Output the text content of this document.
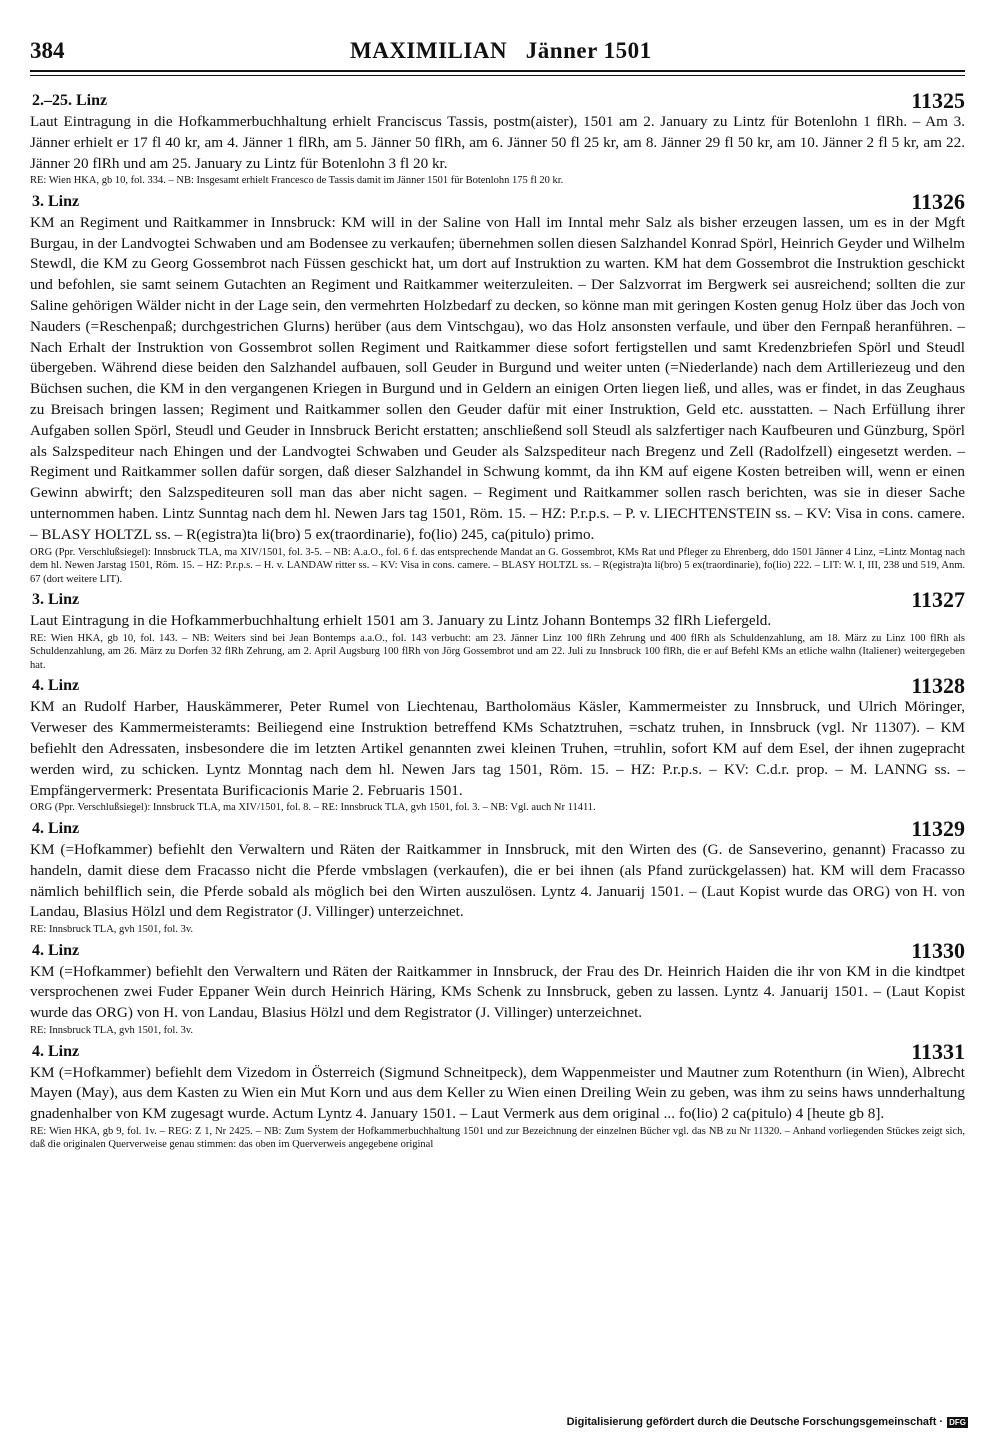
384	MAXIMILIAN   Jänner 1501
2.–25. Linz	11325
Laut Eintragung in die Hofkammerbuchhaltung erhielt Franciscus Tassis, postm(aister), 1501 am 2. January zu Lintz für Botenlohn 1 flRh. – Am 3. Jänner erhielt er 17 fl 40 kr, am 4. Jänner 1 flRh, am 5. Jänner 50 flRh, am 6. Jänner 50 fl 25 kr, am 8. Jänner 29 fl 50 kr, am 10. Jänner 2 fl 5 kr, am 22. Jänner 20 flRh und am 25. January zu Lintz für Botenlohn 3 fl 20 kr.
RE: Wien HKA, gb 10, fol. 334. – NB: Insgesamt erhielt Francesco de Tassis damit im Jänner 1501 für Botenlohn 175 fl 20 kr.
3. Linz	11326
KM an Regiment und Raitkammer in Innsbruck: KM will in der Saline von Hall im Inntal mehr Salz als bisher erzeugen lassen, um es in der Mgft Burgau, in der Landvogtei Schwaben und am Bodensee zu verkaufen; übernehmen sollen diesen Salzhandel Konrad Spörl, Heinrich Geyder und Wilhelm Stewdl, die KM zu Georg Gossembrot nach Füssen geschickt hat, um dort auf Instruktion zu warten. KM hat dem Gossembrot die Instruktion geschickt und befohlen, sie samt seinem Gutachten an Regiment und Raitkammer weiterzuleiten. – Der Salzvorrat im Bergwerk sei ausreichend; sollten die zur Saline gehörigen Wälder nicht in der Lage sein, den vermehrten Holzbedarf zu decken, so könne man mit geringen Kosten genug Holz über das Joch von Nauders (=Reschenpaß; durchgestrichen Glurns) herüber (aus dem Vintschgau), wo das Holz ansonsten verfaule, und über den Fernpaß heranführen. – Nach Erhalt der Instruktion von Gossembrot sollen Regiment und Raitkammer diese sofort fertigstellen und samt Kredenzbriefen Spörl und Steudl übergeben. Während diese beiden den Salzhandel aufbauen, soll Geuder in Burgund und weiter unten (=Niederlande) nach dem Artilleriezeug und den Büchsen suchen, die KM in den vergangenen Kriegen in Burgund und in Geldern an einigen Orten liegen ließ, und alles, was er findet, in das Zeughaus zu Breisach bringen lassen; Regiment und Raitkammer sollen den Geuder dafür mit einer Instruktion, Geld etc. ausstatten. – Nach Erfüllung ihrer Aufgaben sollen Spörl, Steudl und Geuder in Innsbruck Bericht erstatten; anschließend soll Steudl als salzfertiger nach Kaufbeuren und Günzburg, Spörl als Salzspediteur nach Ehingen und der Landvogtei Schwaben und Geuder als Salzspediteur nach Bregenz und Zell (Radolfzell) eingesetzt werden. – Regiment und Raitkammer sollen dafür sorgen, daß dieser Salzhandel in Schwung kommt, da ihn KM auf eigene Kosten betreiben will, wenn er einen Gewinn abwirft; den Salzspediteuren soll man das aber nicht sagen. – Regiment und Raitkammer sollen rasch berichten, was sie in dieser Sache unternommen haben. Lintz Sunntag nach dem hl. Newen Jars tag 1501, Röm. 15. – HZ: P.r.p.s. – P. v. LIECHTENSTEIN ss. – KV: Visa in cons. camere. – BLASY HOLTZL ss. – R(egistra)ta li(bro) 5 ex(traordinarie), fo(lio) 245, ca(pitulo) primo.
ORG (Ppr. Verschlußsiegel): Innsbruck TLA, ma XIV/1501, fol. 3-5. – NB: A.a.O., fol. 6 f. das entsprechende Mandat an G. Gossembrot, KMs Rat und Pfleger zu Ehrenberg, ddo 1501 Jänner 4 Linz, =Lintz Montag nach dem hl. Newen Jarstag 1501, Röm. 15. – HZ: P.r.p.s. – H. v. LANDAW ritter ss. – KV: Visa in cons. camere. – BLASY HOLTZL ss. – R(egistra)ta li(bro) 5 ex(traordinarie), fo(lio) 222. – LIT: W. I, III, 238 und 519, Anm. 67 (dort weitere LIT).
3. Linz	11327
Laut Eintragung in die Hofkammerbuchhaltung erhielt 1501 am 3. January zu Lintz Johann Bontemps 32 flRh Liefergeld.
RE: Wien HKA, gb 10, fol. 143. – NB: Weiters sind bei Jean Bontemps a.a.O., fol. 143 verbucht: am 23. Jänner Linz 100 flRh Zehrung und 400 flRh als Schuldenzahlung, am 18. März zu Linz 100 flRh als Schuldenzahlung, am 26. März zu Dorfen 32 flRh Zehrung, am 2. April Augsburg 100 flRh von Jörg Gossembrot und am 22. Juli zu Innsbruck 100 flRh, die er auf Befehl KMs an etliche walhn (Italiener) weitergegeben hat.
4. Linz	11328
KM an Rudolf Harber, Hauskämmerer, Peter Rumel von Liechtenau, Bartholomäus Käsler, Kammermeister zu Innsbruck, und Ulrich Möringer, Verweser des Kammermeisteramts: Beiliegend eine Instruktion betreffend KMs Schatztruhen, =schatz truhen, in Innsbruck (vgl. Nr 11307). – KM befiehlt den Adressaten, insbesondere die im letzten Artikel genannten zwei kleinen Truhen, =truhlin, sofort KM auf dem Esel, der ihnen zugepracht werden wird, zu schicken. Lyntz Monntag nach dem hl. Newen Jars tag 1501, Röm. 15. – HZ: P.r.p.s. – KV: C.d.r. prop. – M. LANNG ss. – Empfängervermerk: Presentata Burificacionis Marie 2. Februaris 1501.
ORG (Ppr. Verschlußsiegel): Innsbruck TLA, ma XIV/1501, fol. 8. – RE: Innsbruck TLA, gvh 1501, fol. 3. – NB: Vgl. auch Nr 11411.
4. Linz	11329
KM (=Hofkammer) befiehlt den Verwaltern und Räten der Raitkammer in Innsbruck, mit den Wirten des (G. de Sanseverino, genannt) Fracasso zu handeln, damit diese dem Fracasso nicht die Pferde vmbslagen (verkaufen), die er bei ihnen (als Pfand zurückgelassen) hat. KM will dem Fracasso nämlich behilflich sein, die Pferde sobald als möglich bei den Wirten auszulösen. Lyntz 4. Januarij 1501. – (Laut Kopist wurde das ORG) von H. von Landau, Blasius Hölzl und dem Registrator (J. Villinger) unterzeichnet.
RE: Innsbruck TLA, gvh 1501, fol. 3v.
4. Linz	11330
KM (=Hofkammer) befiehlt den Verwaltern und Räten der Raitkammer in Innsbruck, der Frau des Dr. Heinrich Haiden die ihr von KM in die kindtpet versprochenen zwei Fuder Eppaner Wein durch Heinrich Häring, KMs Schenk zu Innsbruck, geben zu lassen. Lyntz 4. Januarij 1501. – (Laut Kopist wurde das ORG) von H. von Landau, Blasius Hölzl und dem Registrator (J. Villinger) unterzeichnet.
RE: Innsbruck TLA, gvh 1501, fol. 3v.
4. Linz	11331
KM (=Hofkammer) befiehlt dem Vizedom in Österreich (Sigmund Schneitpeck), dem Wappenmeister und Mautner zum Rotenthurn (in Wien), Albrecht Mayen (May), aus dem Kasten zu Wien ein Mut Korn und aus dem Keller zu Wien einen Dreiling Wein zu geben, was ihm zu seins haws unnderhaltung gnadenhalber von KM zugesagt wurde. Actum Lyntz 4. January 1501. – Laut Vermerk aus dem original ... fo(lio) 2 ca(pitulo) 4 [heute gb 8].
RE: Wien HKA, gb 9, fol. 1v. – REG: Z 1, Nr 2425. – NB: Zum System der Hofkammerbuchhaltung 1501 und zur Bezeichnung der einzelnen Bücher vgl. das NB zu Nr 11320. – Anhand vorliegenden Stückes zeigt sich, daß die originalen Querverweise genau stimmen: das oben im Querverweis angegebene original
Digitalisierung gefördert durch die Deutsche Forschungsgemeinschaft · DFG
